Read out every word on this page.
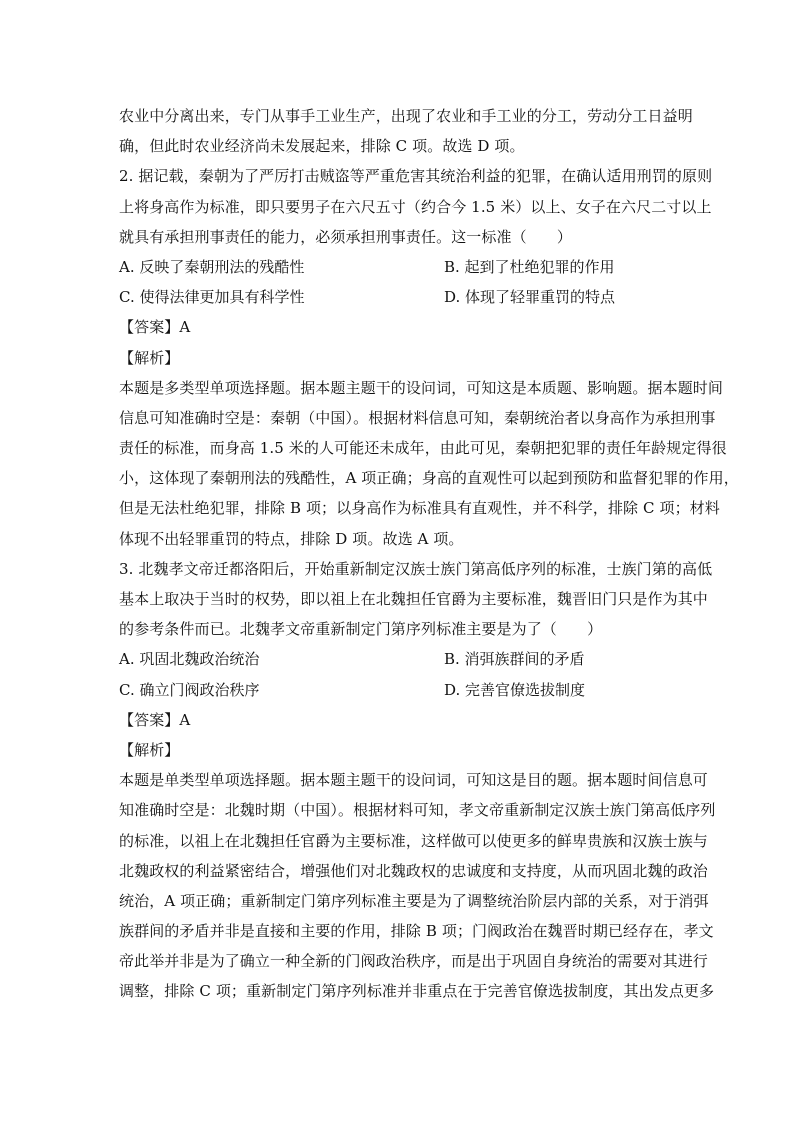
农业中分离出来，专门从事手工业生产，出现了农业和手工业的分工，劳动分工日益明
确，但此时农业经济尚未发展起来，排除 C 项。故选 D 项。
2. 据记载，秦朝为了严厉打击贼盗等严重危害其统治利益的犯罪，在确认适用刑罚的原则
上将身高作为标准，即只要男子在六尺五寸（约合今 1.5 米）以上、女子在六尺二寸以上
就具有承担刑事责任的能力，必须承担刑事责任。这一标准（　　）
A. 反映了秦朝刑法的残酷性	B. 起到了杜绝犯罪的作用
C. 使得法律更加具有科学性	D. 体现了轻罪重罚的特点
【答案】A
【解析】
本题是多类型单项选择题。据本题主题干的设问词，可知这是本质题、影响题。据本题时间
信息可知准确时空是：秦朝（中国）。根据材料信息可知，秦朝统治者以身高作为承担刑事
责任的标准，而身高 1.5 米的人可能还未成年，由此可见，秦朝把犯罪的责任年龄规定得很
小，这体现了秦朝刑法的残酷性，A 项正确；身高的直观性可以起到预防和监督犯罪的作用，
但是无法杜绝犯罪，排除 B 项；以身高作为标准具有直观性，并不科学，排除 C 项；材料
体现不出轻罪重罚的特点，排除 D 项。故选 A 项。
3. 北魏孝文帝迁都洛阳后，开始重新制定汉族士族门第高低序列的标准，士族门第的高低
基本上取决于当时的权势，即以祖上在北魏担任官爵为主要标准，魏晋旧门只是作为其中
的参考条件而已。北魏孝文帝重新制定门第序列标准主要是为了（　　）
A. 巩固北魏政治统治	B. 消弭族群间的矛盾
C. 确立门阀政治秩序	D. 完善官僚选拔制度
【答案】A
【解析】
本题是单类型单项选择题。据本题主题干的设问词，可知这是目的题。据本题时间信息可
知准确时空是：北魏时期（中国）。根据材料可知，孝文帝重新制定汉族士族门第高低序列
的标准，以祖上在北魏担任官爵为主要标准，这样做可以使更多的鲜卑贵族和汉族士族与
北魏政权的利益紧密结合，增强他们对北魏政权的忠诚度和支持度，从而巩固北魏的政治
统治，A 项正确；重新制定门第序列标准主要是为了调整统治阶层内部的关系，对于消弭
族群间的矛盾并非是直接和主要的作用，排除 B 项；门阀政治在魏晋时期已经存在，孝文
帝此举并非是为了确立一种全新的门阀政治秩序，而是出于巩固自身统治的需要对其进行
调整，排除 C 项；重新制定门第序列标准并非重点在于完善官僚选拔制度，其出发点更多
